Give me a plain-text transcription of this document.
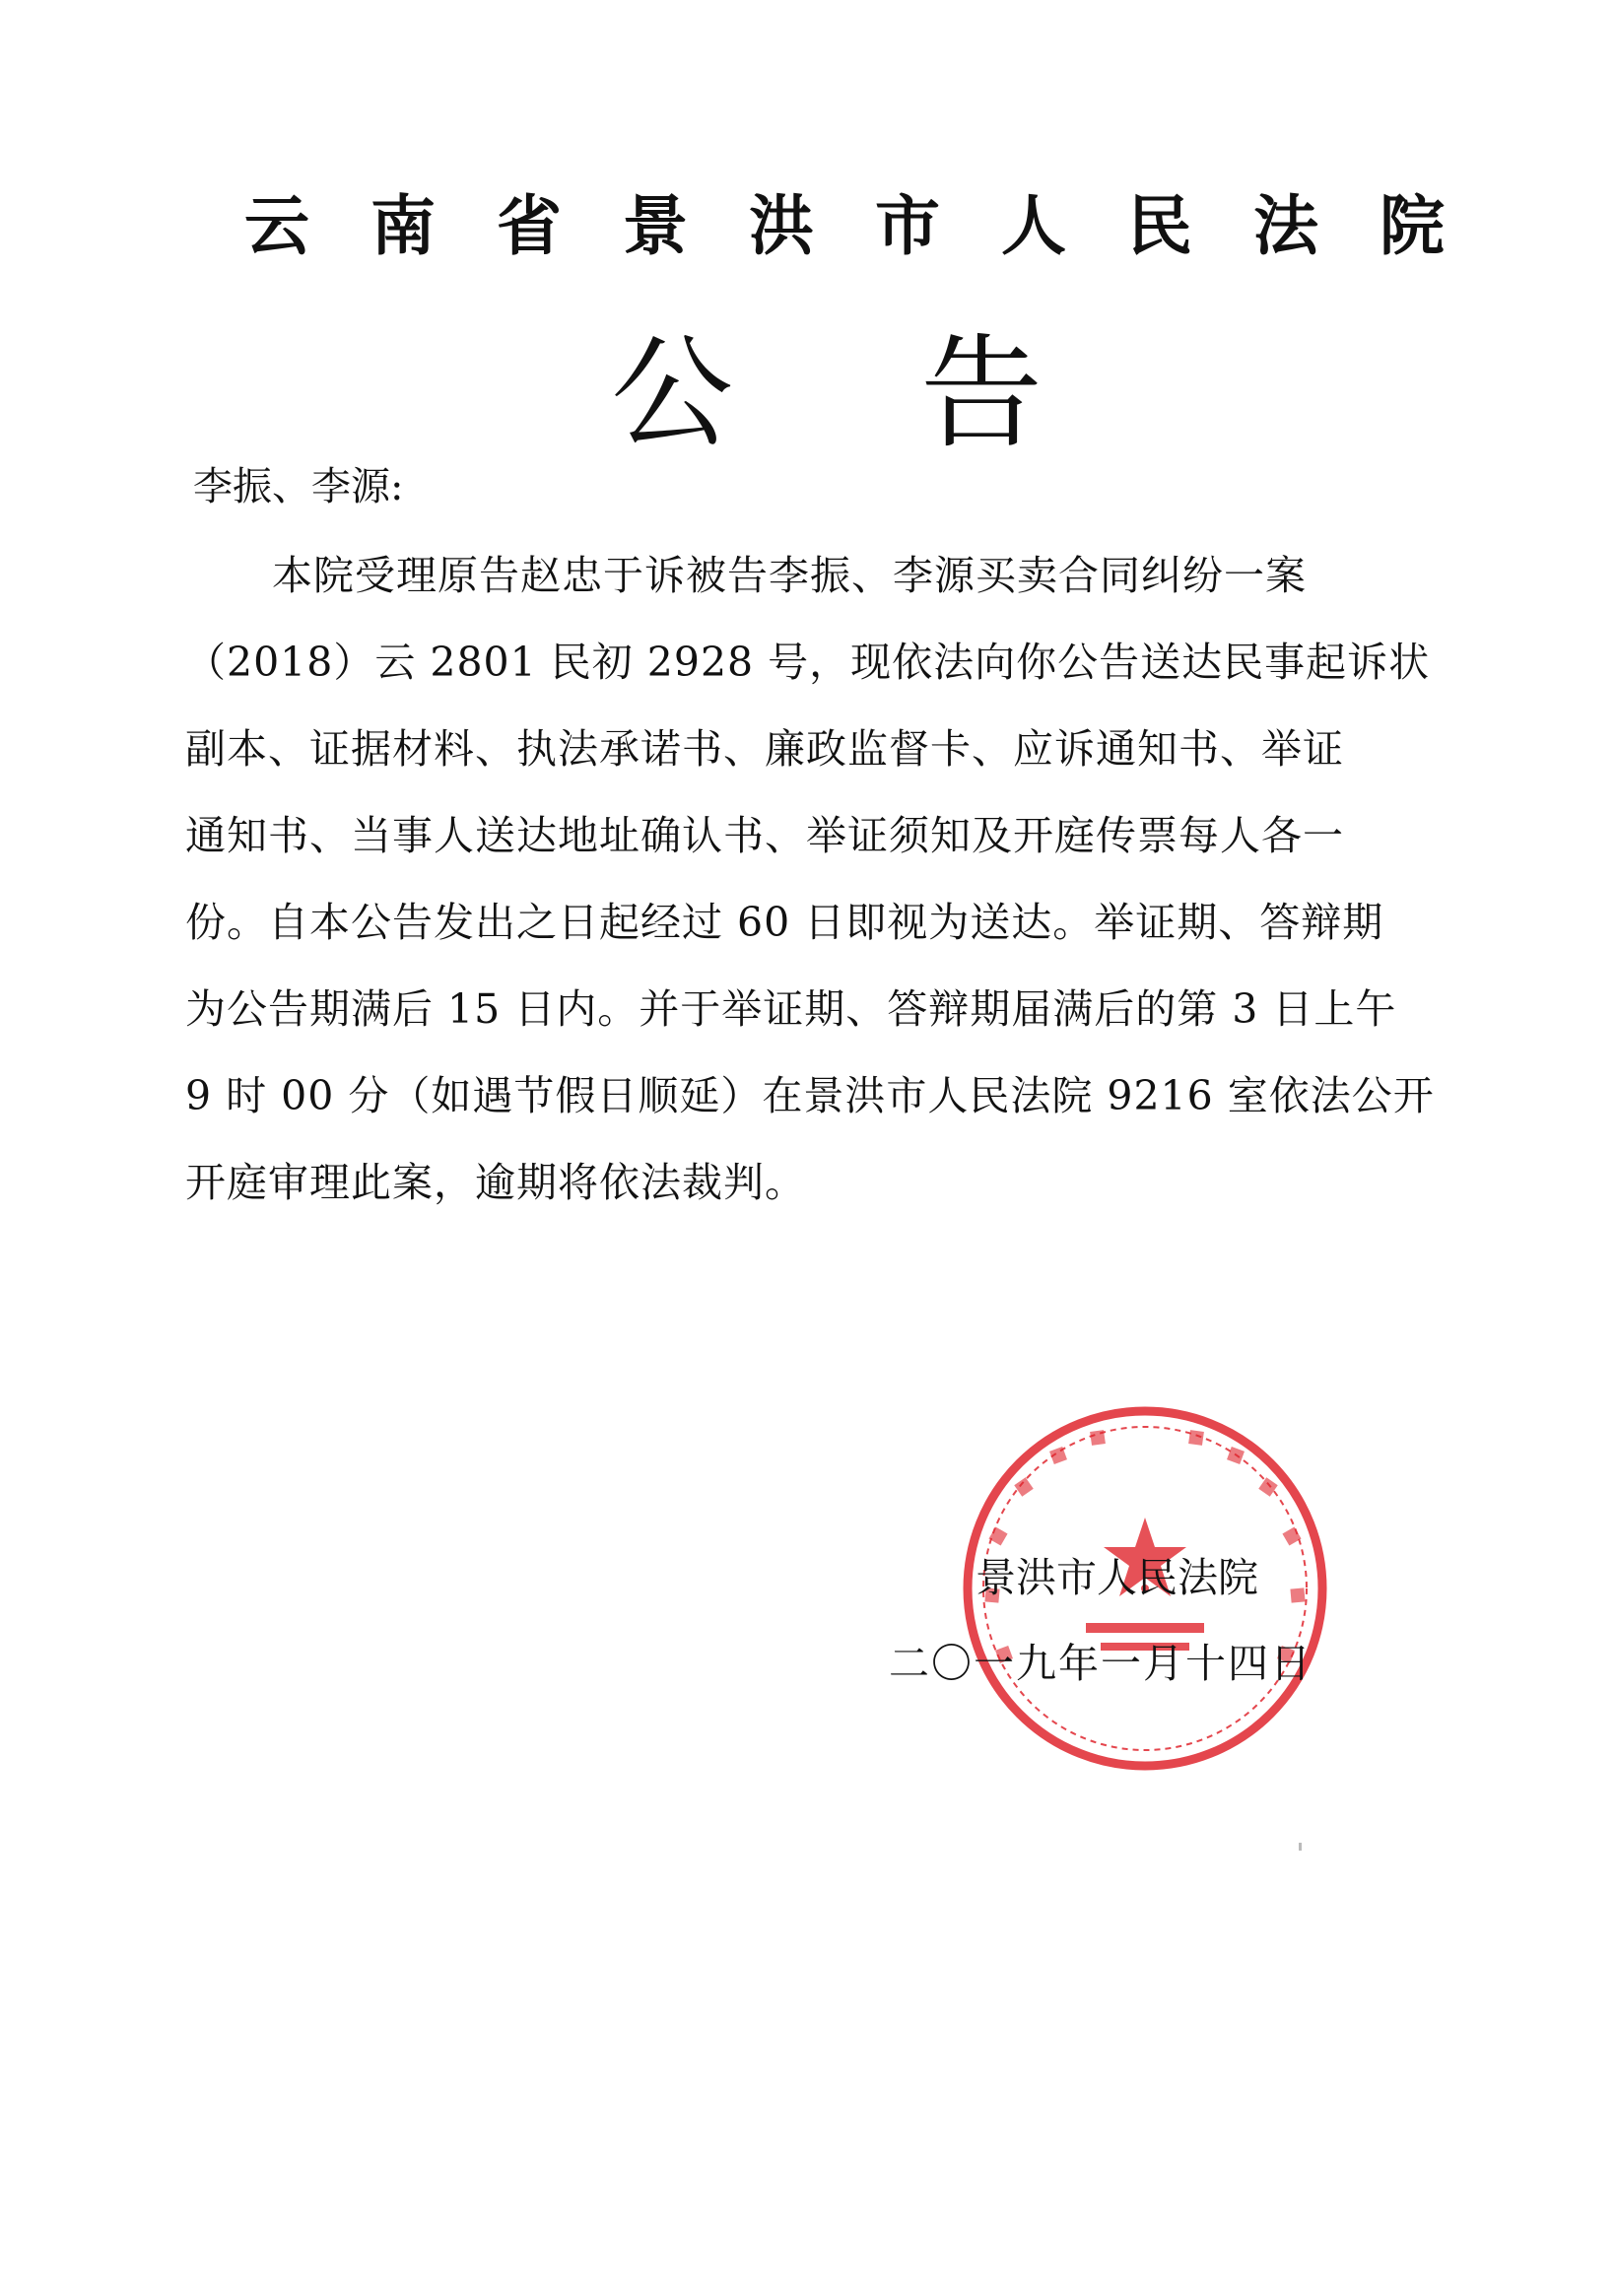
云南省景洪市人民法院
公告
李振、李源:
本院受理原告赵忠于诉被告李振、李源买卖合同纠纷一案
（2018）云 2801 民初 2928 号，现依法向你公告送达民事起诉状
副本、证据材料、执法承诺书、廉政监督卡、应诉通知书、举证
通知书、当事人送达地址确认书、举证须知及开庭传票每人各一
份。自本公告发出之日起经过 60 日即视为送达。举证期、答辩期
为公告期满后 15 日内。并于举证期、答辩期届满后的第 3 日上午
9 时 00 分（如遇节假日顺延）在景洪市人民法院 9216 室依法公开
开庭审理此案，逾期将依法裁判。
景洪市人民法院
二〇一九年一月十四日
